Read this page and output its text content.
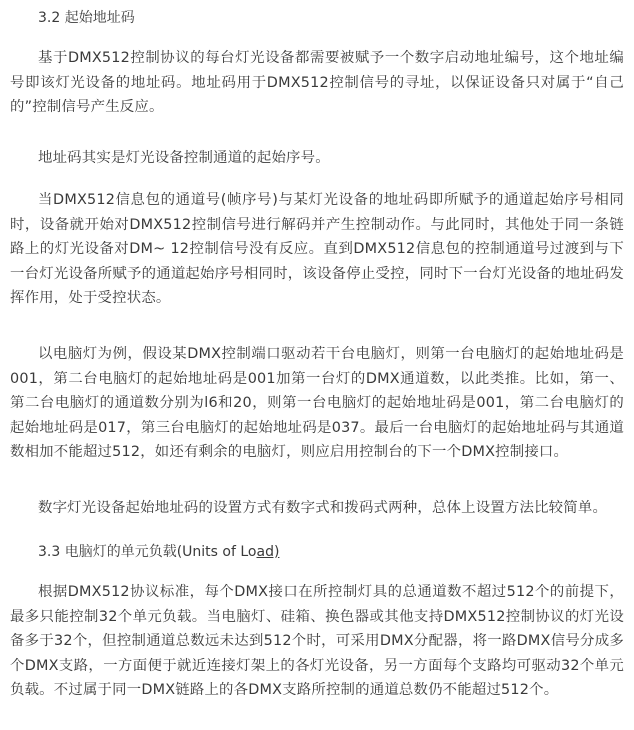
3.2 起始地址码

基于DMX512控制协议的每台灯光设备都需要被赋予一个数字启动地址编号，这个地址编号即该灯光设备的地址码。地址码用于DMX512控制信号的寻址，以保证设备只对属于“自己的”控制信号产生反应。

地址码其实是灯光设备控制通道的起始序号。

当DMX512信息包的通道号(帧序号)与某灯光设备的地址码即所赋予的通道起始序号相同时，设备就开始对DMX512控制信号进行解码并产生控制动作。与此同时，其他处于同一条链路上的灯光设备对DM~ 12控制信号没有反应。直到DMX512信息包的控制通道号过渡到与下一台灯光设备所赋予的通道起始序号相同时，该设备停止受控，同时下一台灯光设备的地址码发挥作用，处于受控状态。

以电脑灯为例，假设某DMX控制端口驱动若干台电脑灯，则第一台电脑灯的起始地址码是001，第二台电脑灯的起始地址码是001加第一台灯的DMX通道数，以此类推。比如，第一、第二台电脑灯的通道数分别为l6和20，则第一台电脑灯的起始地址码是001，第二台电脑灯的起始地址码是017，第三台电脑灯的起始地址码是037。最后一台电脑灯的起始地址码与其通道数相加不能超过512，如还有剩余的电脑灯，则应启用控制台的下一个DMX控制接口。

数字灯光设备起始地址码的设置方式有数字式和拨码式两种，总体上设置方法比较简单。

3.3 电脑灯的单元负载(Units of Load)

根据DMX512协议标准，每个DMX接口在所控制灯具的总通道数不超过512个的前提下，最多只能控制32个单元负载。当电脑灯、硅箱、换色器或其他支持DMX512控制协议的灯光设备多于32个，但控制通道总数远未达到512个时，可采用DMX分配器，将一路DMX信号分成多个DMX支路，一方面便于就近连接灯架上的各灯光设备，另一方面每个支路均可驱动32个单元负载。不过属于同一DMX链路上的各DMX支路所控制的通道总数仍不能超过512个。
